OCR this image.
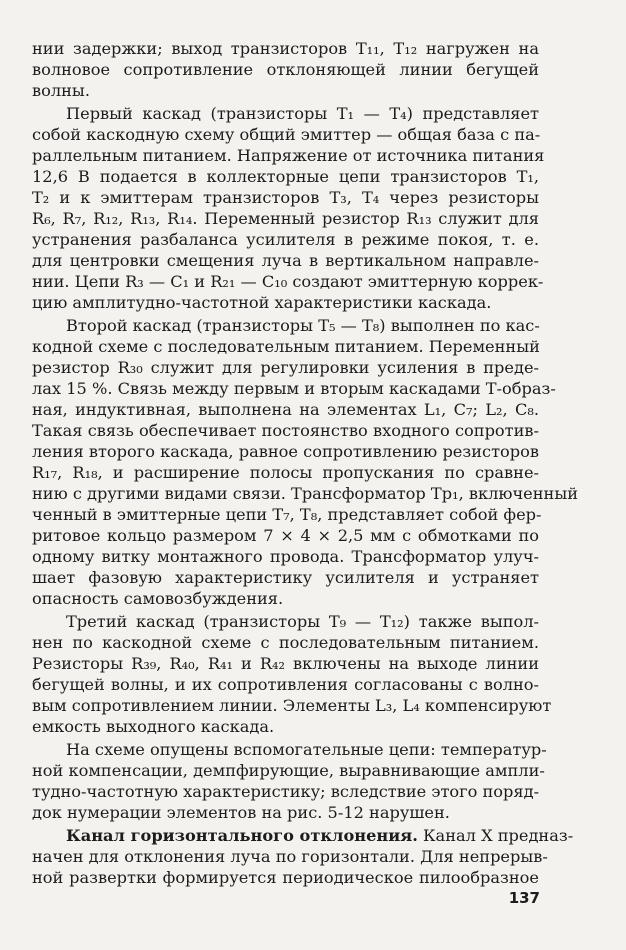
нии задержки; выход транзисторов T₁₁, T₁₂ нагружен на
волновое сопротивление отклоняющей линии бегущей
волны.
Первый каскад (транзисторы T₁ — T₄) представляет
собой каскодную схему общий эмиттер — общая база с па-
раллельным питанием. Напряжение от источника питания
12,6 В подается в коллекторные цепи транзисторов T₁,
T₂ и к эмиттерам транзисторов T₃, T₄ через резисторы
R₆, R₇, R₁₂, R₁₃, R₁₄. Переменный резистор R₁₃ служит для
устранения разбаланса усилителя в режиме покоя, т. е.
для центровки смещения луча в вертикальном направле-
нии. Цепи R₃ — C₁ и R₂₁ — C₁₀ создают эмиттерную коррек-
цию амплитудно-частотной характеристики каскада.
Второй каскад (транзисторы T₅ — T₈) выполнен по кас-
кодной схеме с последовательным питанием. Переменный
резистор R₃₀ служит для регулировки усиления в преде-
лах 15 %. Связь между первым и вторым каскадами Т-образ-
ная, индуктивная, выполнена на элементах L₁, C₇; L₂, C₈.
Такая связь обеспечивает постоянство входного сопротив-
ления второго каскада, равное сопротивлению резисторов
R₁₇, R₁₈, и расширение полосы пропускания по сравне-
нию с другими видами связи. Трансформатор Tp₁, включенный
ченный в эмиттерные цепи T₇, T₈, представляет собой фер-
ритовое кольцо размером 7 × 4 × 2,5 мм с обмотками по
одному витку монтажного провода. Трансформатор улуч-
шает фазовую характеристику усилителя и устраняет
опасность самовозбуждения.
Третий каскад (транзисторы T₉ — T₁₂) также выпол-
нен по каскодной схеме с последовательным питанием.
Резисторы R₃₉, R₄₀, R₄₁ и R₄₂ включены на выходе линии
бегущей волны, и их сопротивления согласованы с волно-
вым сопротивлением линии. Элементы L₃, L₄ компенсируют
емкость выходного каскада.
На схеме опущены вспомогательные цепи: температур-
ной компенсации, демпфирующие, выравнивающие ампли-
тудно-частотную характеристику; вследствие этого поряд-
док нумерации элементов на рис. 5-12 нарушен.
Канал горизонтального отклонения. Канал X предназ-
начен для отклонения луча по горизонтали. Для непрерыв-
ной развертки формируется периодическое пилообразное
137
